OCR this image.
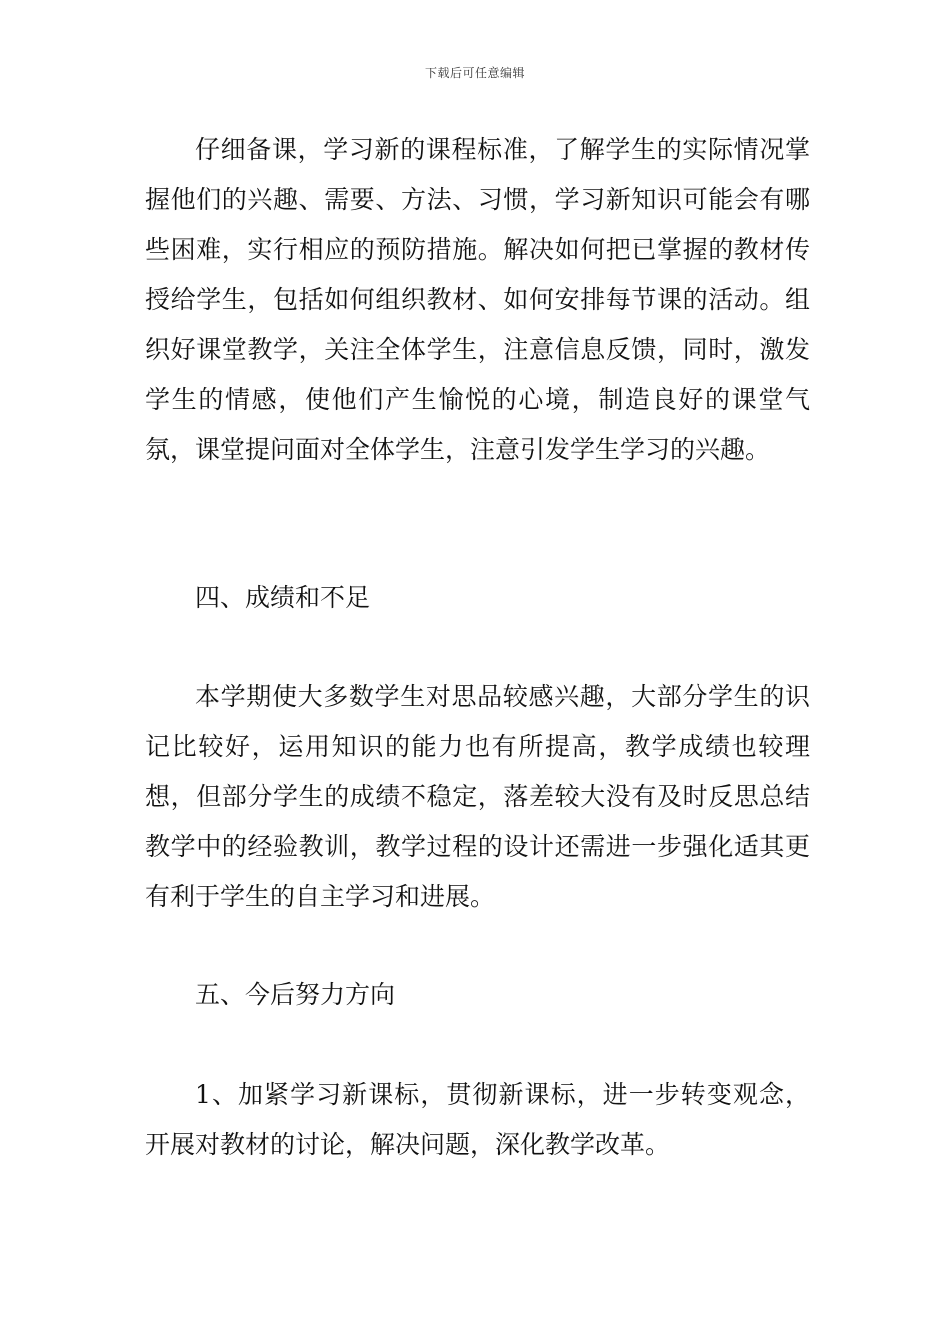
下载后可任意编辑

仔细备课，学习新的课程标准，了解学生的实际情况掌握他们的兴趣、需要、方法、习惯，学习新知识可能会有哪些困难，实行相应的预防措施。解决如何把已掌握的教材传授给学生，包括如何组织教材、如何安排每节课的活动。组织好课堂教学，关注全体学生，注意信息反馈，同时，激发学生的情感，使他们产生愉悦的心境，制造良好的课堂气氛，课堂提问面对全体学生，注意引发学生学习的兴趣。

四、成绩和不足

本学期使大多数学生对思品较感兴趣，大部分学生的识记比较好，运用知识的能力也有所提高，教学成绩也较理想，但部分学生的成绩不稳定，落差较大没有及时反思总结教学中的经验教训，教学过程的设计还需进一步强化适其更有利于学生的自主学习和进展。

五、今后努力方向

1、加紧学习新课标，贯彻新课标，进一步转变观念，开展对教材的讨论，解决问题，深化教学改革。
